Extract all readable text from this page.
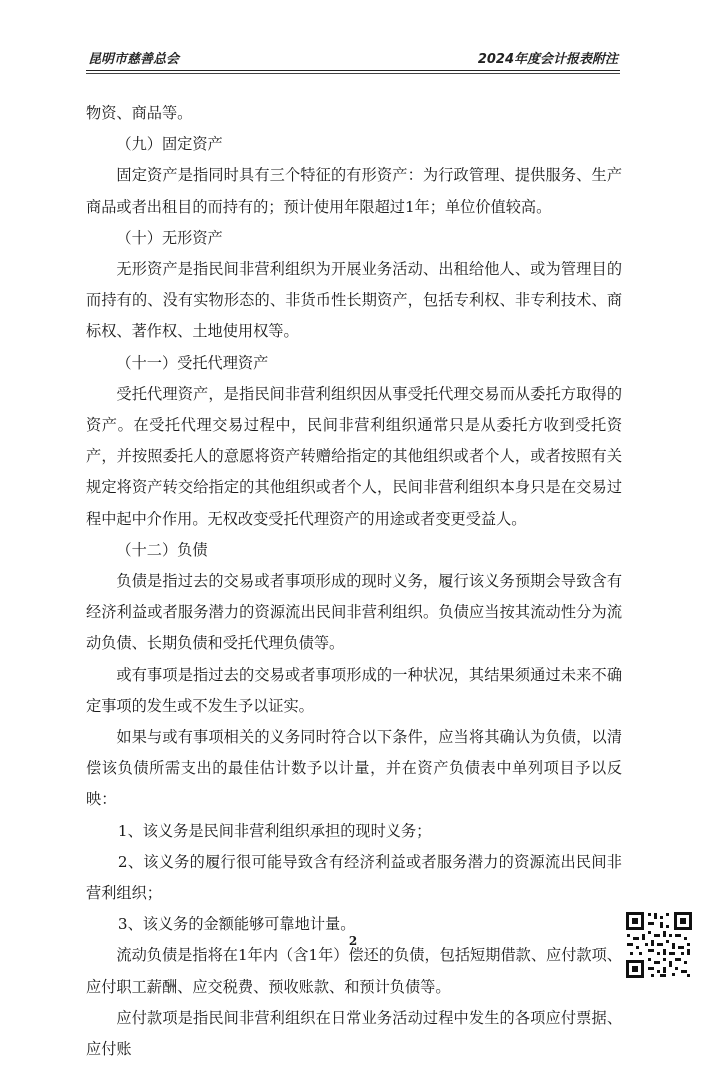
昆明市慈善总会	2024年度会计报表附注

物资、商品等。

（九）固定资产

固定资产是指同时具有三个特征的有形资产：为行政管理、提供服务、生产商品或者出租目的而持有的；预计使用年限超过1年；单位价值较高。

（十）无形资产

无形资产是指民间非营利组织为开展业务活动、出租给他人、或为管理目的而持有的、没有实物形态的、非货币性长期资产，包括专利权、非专利技术、商标权、著作权、土地使用权等。

（十一）受托代理资产

受托代理资产，是指民间非营利组织因从事受托代理交易而从委托方取得的资产。在受托代理交易过程中，民间非营利组织通常只是从委托方收到受托资产，并按照委托人的意愿将资产转赠给指定的其他组织或者个人，或者按照有关规定将资产转交给指定的其他组织或者个人，民间非营利组织本身只是在交易过程中起中介作用。无权改变受托代理资产的用途或者变更受益人。

（十二）负债

负债是指过去的交易或者事项形成的现时义务，履行该义务预期会导致含有经济利益或者服务潜力的资源流出民间非营利组织。负债应当按其流动性分为流动负债、长期负债和受托代理负债等。

或有事项是指过去的交易或者事项形成的一种状况，其结果须通过未来不确定事项的发生或不发生予以证实。

如果与或有事项相关的义务同时符合以下条件，应当将其确认为负债，以清偿该负债所需支出的最佳估计数予以计量，并在资产负债表中单列项目予以反映：

1、该义务是民间非营利组织承担的现时义务；

2、该义务的履行很可能导致含有经济利益或者服务潜力的资源流出民间非营利组织；

3、该义务的金额能够可靠地计量。

流动负债是指将在1年内（含1年）偿还的负债，包括短期借款、应付款项、应付职工薪酬、应交税费、预收账款、和预计负债等。

应付款项是指民间非营利组织在日常业务活动过程中发生的各项应付票据、应付账

2
